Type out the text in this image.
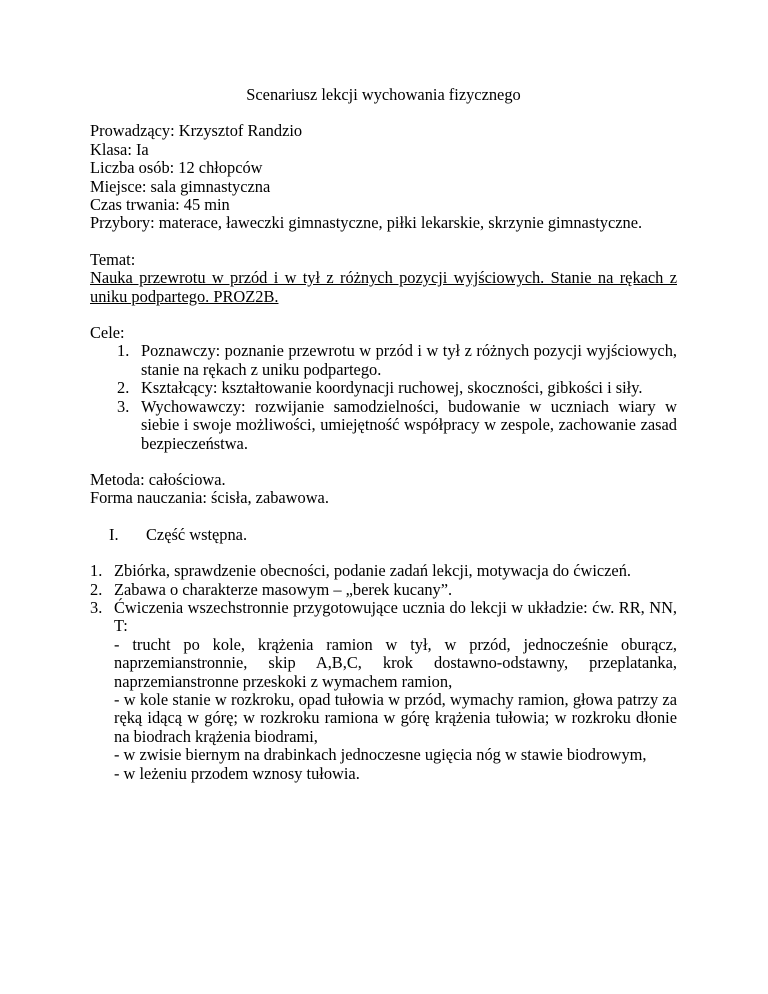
Scenariusz lekcji wychowania fizycznego
Prowadzący: Krzysztof Randzio
Klasa: Ia
Liczba osób: 12 chłopców
Miejsce: sala gimnastyczna
Czas trwania: 45 min
Przybory: materace, ławeczki gimnastyczne, piłki lekarskie, skrzynie gimnastyczne.
Temat:
Nauka przewrotu w przód i w tył z różnych pozycji wyjściowych. Stanie na rękach z uniku podpartego. PROZ2B.
Cele:
1. Poznawczy: poznanie przewrotu w przód i w tył z różnych pozycji wyjściowych, stanie na rękach z uniku podpartego.
2. Kształcący: kształtowanie koordynacji ruchowej, skoczności, gibkości i siły.
3. Wychowawczy: rozwijanie samodzielności, budowanie w uczniach wiary w siebie i swoje możliwości, umiejętność współpracy w zespole, zachowanie zasad bezpieczeństwa.
Metoda: całościowa.
Forma nauczania: ścisła, zabawowa.
I. Część wstępna.
1. Zbiórka, sprawdzenie obecności, podanie zadań lekcji, motywacja do ćwiczeń.
2. Zabawa o charakterze masowym – „berek kucany”.
3. Ćwiczenia wszechstronnie przygotowujące ucznia do lekcji w układzie: ćw. RR, NN, T:
- trucht po kole, krążenia ramion w tył, w przód, jednocześnie oburącz, naprzemianstronnie, skip A,B,C, krok dostawno-odstawny, przeplatanka, naprzemianstronne przeskoki z wymachem ramion,
- w kole stanie w rozkroku, opad tułowia w przód, wymachy ramion, głowa patrzy za ręką idącą w górę; w rozkroku ramiona w górę krążenia tułowia; w rozkroku dłonie na biodrach krążenia biodrami,
- w zwisie biernym na drabinkach jednoczesne ugięcia nóg w stawie biodrowym,
- w leżeniu przodem wznosy tułowia.
